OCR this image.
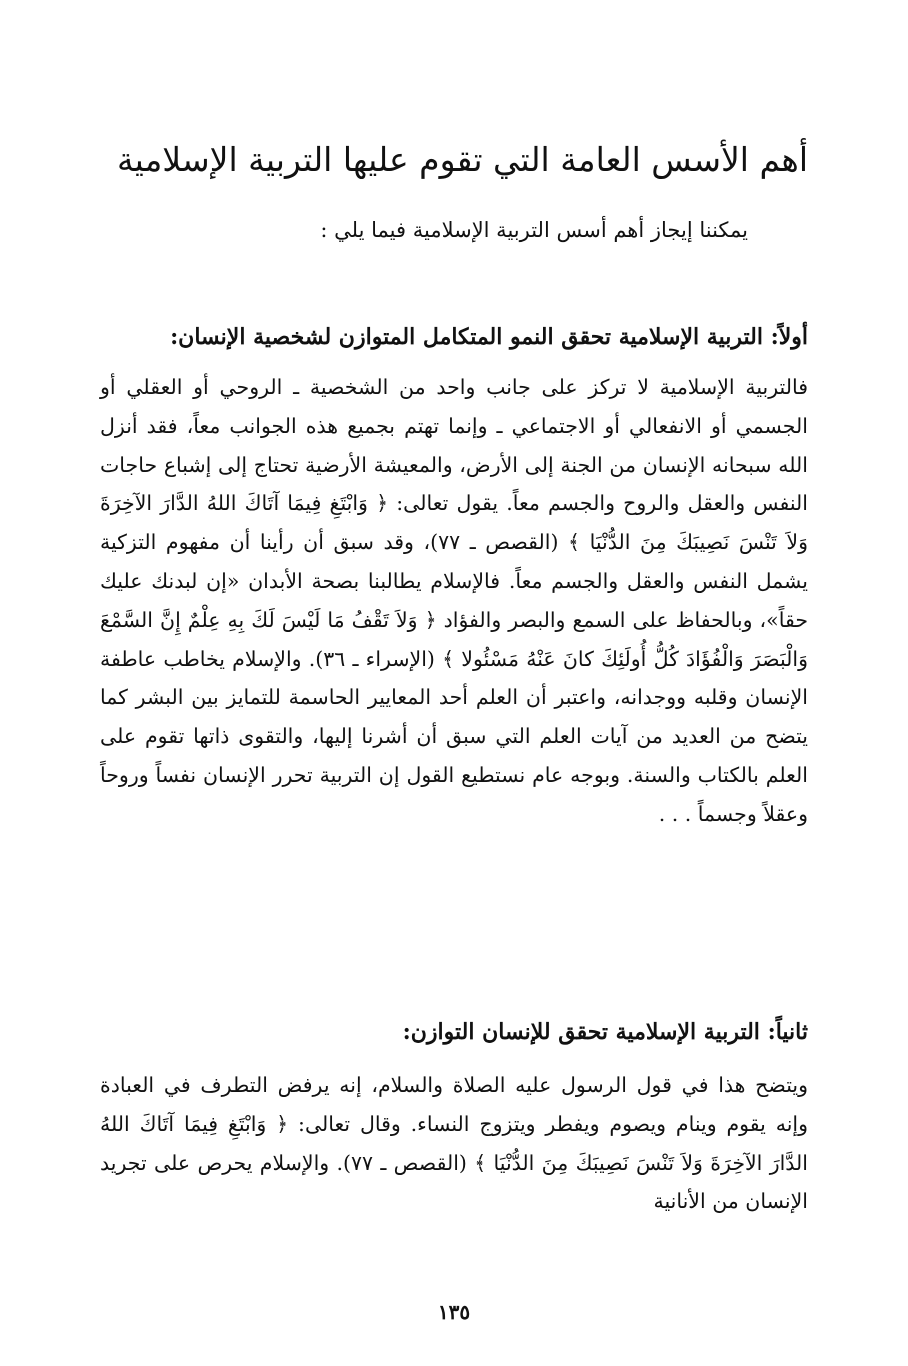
أهم الأسس العامة التي تقوم عليها التربية الإسلامية

يمكننا إيجاز أهم أسس التربية الإسلامية فيما يلي :

أولاً: التربية الإسلامية تحقق النمو المتكامل المتوازن لشخصية الإنسان:

فالتربية الإسلامية لا تركز على جانب واحد من الشخصية ـ الروحي أو العقلي أو الجسمي أو الانفعالي أو الاجتماعي ـ وإنما تهتم بجميع هذه الجوانب معاً، فقد أنزل الله سبحانه الإنسان من الجنة إلى الأرض، والمعيشة الأرضية تحتاج إلى إشباع حاجات النفس والعقل والروح والجسم معاً. يقول تعالى: ﴿ وَابْتَغِ فِيمَا آتَاكَ اللهُ الدَّارَ الآخِرَةَ وَلاَ تَنْسَ نَصِيبَكَ مِنَ الدُّنْيَا ﴾ (القصص ـ ٧٧)، وقد سبق أن رأينا أن مفهوم التزكية يشمل النفس والعقل والجسم معاً. فالإسلام يطالبنا بصحة الأبدان «إن لبدنك عليك حقاً»، وبالحفاظ على السمع والبصر والفؤاد ﴿ وَلاَ تَقْفُ مَا لَيْسَ لَكَ بِهِ عِلْمٌ إِنَّ السَّمْعَ وَالْبَصَرَ وَالْفُؤَادَ كُلُّ أُولَئِكَ كانَ عَنْهُ مَسْئُولا ﴾ (الإسراء ـ ٣٦). والإسلام يخاطب عاطفة الإنسان وقلبه ووجدانه، واعتبر أن العلم أحد المعايير الحاسمة للتمايز بين البشر كما يتضح من العديد من آيات العلم التي سبق أن أشرنا إليها، والتقوى ذاتها تقوم على العلم بالكتاب والسنة. وبوجه عام نستطيع القول إن التربية تحرر الإنسان نفساً وروحاً وعقلاً وجسماً . . .

ثانياً: التربية الإسلامية تحقق للإنسان التوازن:

ويتضح هذا في قول الرسول عليه الصلاة والسلام، إنه يرفض التطرف في العبادة وإنه يقوم وينام ويصوم ويفطر ويتزوج النساء. وقال تعالى: ﴿ وَابْتَغِ فِيمَا آتَاكَ اللهُ الدَّارَ الآخِرَةَ وَلاَ تَنْسَ نَصِيبَكَ مِنَ الدُّنْيَا ﴾ (القصص ـ ٧٧). والإسلام يحرص على تجريد الإنسان من الأنانية

١٣٥
